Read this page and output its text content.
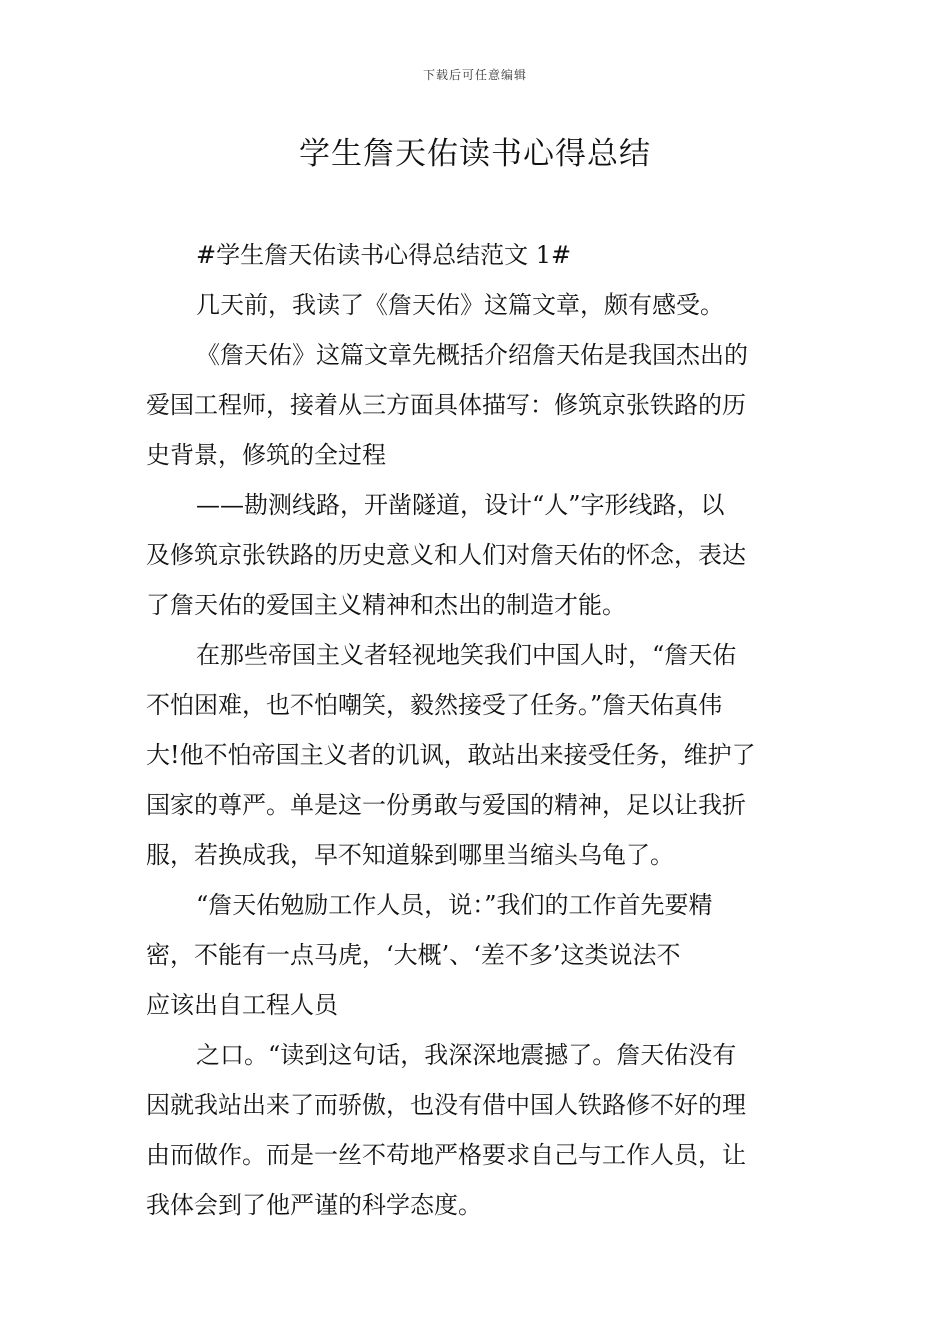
下载后可任意编辑
学生詹天佑读书心得总结
#学生詹天佑读书心得总结范文 1#
几天前，我读了《詹天佑》这篇文章，颇有感受。
《詹天佑》这篇文章先概括介绍詹天佑是我国杰出的
爱国工程师，接着从三方面具体描写：修筑京张铁路的历
史背景，修筑的全过程
——勘测线路，开凿隧道，设计“人”字形线路，以
及修筑京张铁路的历史意义和人们对詹天佑的怀念，表达
了詹天佑的爱国主义精神和杰出的制造才能。
在那些帝国主义者轻视地笑我们中国人时，“詹天佑
不怕困难，也不怕嘲笑，毅然接受了任务。”詹天佑真伟
大!他不怕帝国主义者的讥讽，敢站出来接受任务，维护了
国家的尊严。单是这一份勇敢与爱国的精神，足以让我折
服，若换成我，早不知道躲到哪里当缩头乌龟了。
“詹天佑勉励工作人员，说：”我们的工作首先要精
密，不能有一点马虎，‘大概’、‘差不多’这类说法不
应该出自工程人员
之口。“读到这句话，我深深地震撼了。詹天佑没有
因就我站出来了而骄傲，也没有借中国人铁路修不好的理
由而做作。而是一丝不苟地严格要求自己与工作人员，让
我体会到了他严谨的科学态度。
